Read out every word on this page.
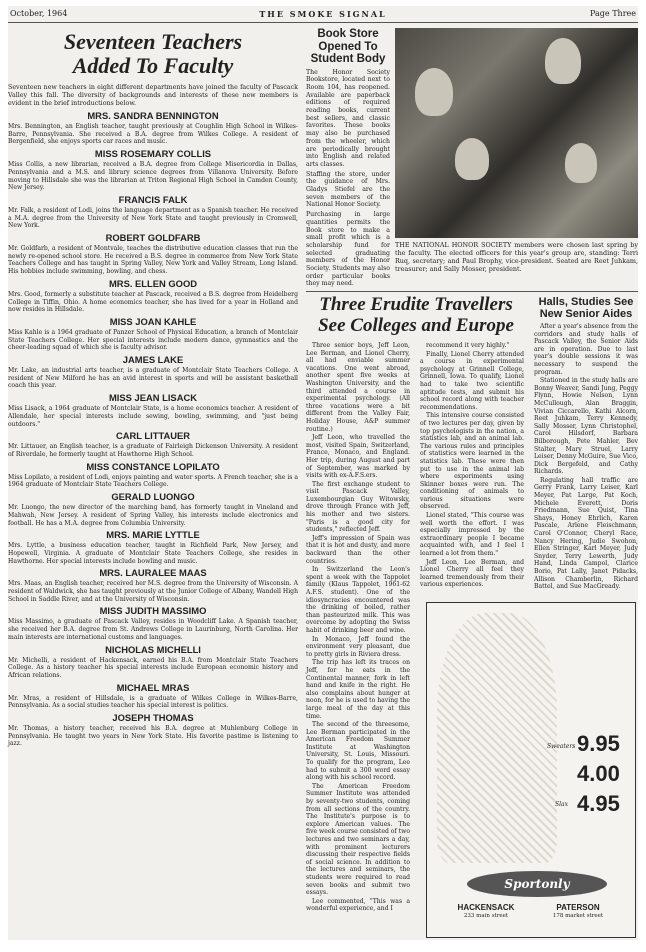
October, 1964	THE SMOKE SIGNAL	Page Three
Seventeen Teachers
Added To Faculty

Seventeen new teachers in eight different departments have joined the faculty of Pascack Valley this fall. The diversity of backgrounds and interests of these new members is evident in the brief introductions below.

MRS. SANDRA BENNINGTON

Mrs. Bennington, an English teacher, taught previously at Coughlin High School in Wilkes-Barre, Pennsylvania. She received a B.A. degree from Wilkes College. A resident of Bergenfield, she enjoys sports car races and music.

MISS ROSEMARY COLLIS

Miss Collis, a new librarian, received a B.A. degree from College Misericordia in Dallas, Pennsylvania and a M.S. and library science degrees from Villanova University. Before moving to Hillsdale she was the librarian at Triton Regional High School in Camden County, New Jersey.

FRANCIS FALK

Mr. Falk, a resident of Lodi, joins the language department as a Spanish teacher. He received a M.A. degree from the University of New York State and taught previously in Cromwell, New York.

ROBERT GOLDFARB

Mr. Goldfarb, a resident of Montvale, teaches the distributive education classes that run the newly re-opened school store. He received a B.S. degree in commerce from New York State Teachers College and has taught in Spring Valley, New York and Valley Stream, Long Island. His hobbies include swimming, bowling, and chess.

MRS. ELLEN GOOD

Mrs. Good, formerly a substitute teacher at Pascack, received a B.S. degree from Heidelberg College in Tiffin, Ohio. A home economics teacher, she has lived for a year in Holland and now resides in Hillsdale.

MISS JOAN KAHLE

Miss Kahle is a 1964 graduate of Panzer School of Physical Education, a branch of Montclair State Teachers College. Her special interests include modern dance, gymnastics and the cheer-leading squad of which she is faculty advisor.

JAMES LAKE

Mr. Lake, an industrial arts teacher, is a graduate of Montclair State Teachers College. A resident of New Milford he has an avid interest in sports and will be assistant basketball coach this year.

MISS JEAN LISACK

Miss Lisack, a 1964 graduate of Montclair State, is a home economics teacher. A resident of Allendale, her special interests include sewing, bowling, swimming, and "just being outdoors."

CARL LITTAUER

Mr. Littauer, an English teacher, is a graduate of Fairleigh Dickenson University. A resident of Riverdale, he formerly taught at Hawthorne High School.

MISS CONSTANCE LOPILATO

Miss Lopilato, a resident of Lodi, enjoys painting and water sports. A French teacher, she is a 1964 graduate of Montclair State Teachers College.

GERALD LUONGO

Mr. Luongo, the new director of the marching band, has formerly taught in Vineland and Mahwah, New Jersey. A resident of Spring Valley, his interests include electronics and football. He has a M.A. degree from Columbia University.

MRS. MARIE LYTTLE

Mrs. Lyttle, a business education teacher, taught in Richfield Park, New Jersey, and Hopewell, Virginia. A graduate of Montclair State Teachers College, she resides in Hawthorne. Her special interests include bowling and music.

MRS. LAURALEE MAAS

Mrs. Maas, an English teacher, received her M.S. degree from the University of Wisconsin. A resident of Waldwick, she has taught previously at the Junior College of Albany, Wandell High School in Saddle River, and at the University of Wisconsin.

MISS JUDITH MASSIMO

Miss Massimo, a graduate of Pascack Valley, resides in Woodcliff Lake. A Spanish teacher, she received her B.A. degree from St. Andrews College in Laurinburg, North Carolina. Her main interests are international customs and languages.

NICHOLAS MICHELLI

Mr. Michelli, a resident of Hackensack, earned his B.A. from Montclair State Teachers College. As a history teacher his special interests include European economic history and African relations.

MICHAEL MRAS

Mr. Mras, a resident of Hillsdale, is a graduate of Wilkes College in Wilkes-Barre, Pennsylvania. As a social studies teacher his special interest is politics.

JOSEPH THOMAS

Mr. Thomas, a history teacher, received his B.A. degree at Muhlenburg College in Pennsylvania. He taught two years in New York State. His favorite pastime is listening to jazz.

Book Store Opened To Student Body

The Honor Society Bookstore, located next to Room 104, has reopened. Available are paperback editions of required reading books, current best sellers, and classic favorites. These books may also be purchased from the wheeler, which are periodically brought into English and related arts classes.

Staffing the store, under the guidance of Mrs. Gladys Stiefel are the seven members of the National Honor Society.

Purchasing in large quantities permits the Book store to make a small profit which is a scholarship fund for selected graduating members of the Honor Society. Students may also order particular books they may need.

THE NATIONAL HONOR SOCIETY members were chosen last spring by the faculty. The elected officers for this year's group are, standing: Terri Ruq, secretary; and Paul Brophy, vice-president. Seated are Reet Juhkam, treasurer; and Sally Mosser, president.
Three Erudite Travellers
See Colleges and Europe

Three senior boys, Jeff Leon, Lee Berman, and Lionel Cherry, all had enviable summer vacations. One went abroad, another spent five weeks at Washington University, and the third attended a course in experimental psychology. (All three vacations were a bit different from the Valley Fair, Holiday House, A&P summer routine.)

Jeff Leon, who travelled the most, visited Spain, Switzerland, France, Monaco, and England. Her trip, during August and part of September, was marked by visits with ex-A.F.S.ers.

The first exchange student to visit Pascack Valley, Luxembourgian Guy Witowsky, drove through France with Jeff, his mother and two sisters. "Paris is a good city for students," reflected Jeff.

Jeff's impression of Spain was that it is hot and dusty, and more backward than the other countries.

In Switzerland the Leon's spent a week with the Tappolet family (Klaus Tappolet, 1961-62 A.F.S. student). One of the idiosyncracies encountered was the drinking of boiled, rather than pasteurized milk. This was overcome by adopting the Swiss habit of drinking beer and wine.

In Monaco, Jeff found the environment very pleasant, due to pretty girls in Riviera dress.

The trip has left its traces on Jeff, for he eats in the Continental manner, fork in left hand and knife in the right. He also complains about hunger at noon, for he is used to having the large meal of the day at this time.

The second of the threesome, Lee Berman participated in the American Freedom Summer Institute at Washington University, St. Louis, Missouri. To qualify for the program, Lee had to submit a 300 word essay along with his school record.

The American Freedom Summer Institute was attended by seventy-two students, coming from all sections of the country. The Institute's purpose is to explore American values. The five week course consisted of two lectures and two seminars a day, with prominent lecturers discussing their respective fields of social science. In addition to the lectures and seminars, the students were required to read seven books and submit two essays.

Lee commented, "This was a wonderful experience, and I

recommend it very highly."

Finally, Lionel Cherry attended a course in experimental psychology at Grinnell College, Grinnell, Iowa. To qualify, Lionel had to take two scientific aptitude tests, and submit his school record along with teacher recommendations.

This intensive course consisted of two lectures per day, given by top psychologists in the nation, a statistics lab, and an animal lab. The various rules and principles of statistics were learned in the statistics lab. These were then put to use in the animal lab where experiments using Skinner boxes were run. The conditioning of animals to various situations were observed.

Lionel stated, "This course was well worth the effort. I was especially impressed by the extraordinary people I became acquainted with, and I feel I learned a lot from them."

Jeff Leon, Lee Berman, and Lionel Cherry all feel they learned tremendously from their various experiences.

Halls, Studies See New Senior Aides

After a year's absence from the corridors and study halls of Pascack Valley, the Senior Aids are in operation. Due to last year's double sessions it was necessary to suspend the program.

Stationed in the study halls are Bonny Weaver, Sandi Jung, Peggy Flynn, Howie Nelson, Lynn McCullough, Alan Braggin, Vivian Ciccarello, Kathi Alcorn, Reet Juhkam, Terry Kennedy, Sally Mosser, Lynn Christophel, Carol Hilsdorf, Barbara Bilborough, Pete Mahler, Bev Stalter, Mary Struel, Larry Leiser, Denny McGuire, Sue Vico, Dick Bergefeld, and Cathy Richards.

Regulating hall traffic are Gerry Frank, Larry Leiser, Karl Meyer, Pat Large, Pat Koch, Michele Everett, Doris Friedmann, Sue Quist, Tina Shays, Honey Ehrlich, Karen Pascale, Arlene Fleischmann, Carol O'Connor, Cheryl Race, Nancy Hering, Judie Swohon, Ellen Stringer, Karl Meyer, Judy Snyder, Terry Lewerth, Judy Hand, Linda Campol, Clarice Borio, Pat Lally, Janet Pidacks, Allison Chamberlin, Richard Battel, and Sue MacGready.

Sweaters 9.95
4.00
Slax 4.95
Sportonly
HACKENSACK
233 main street
PATERSON
178 market street
